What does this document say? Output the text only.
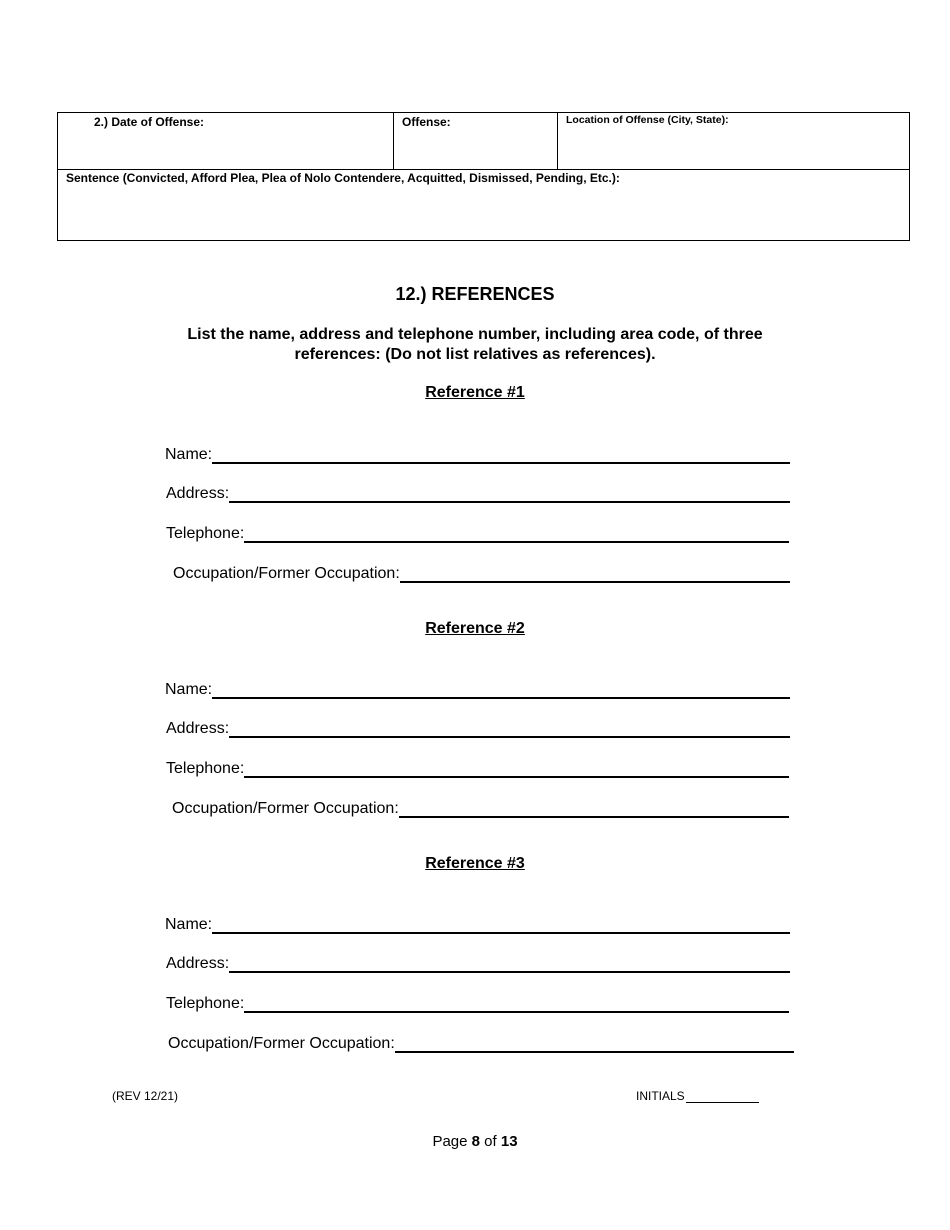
2.) Date of Offense:	Offense:	Location of Offense (City, State):
Sentence (Convicted, Afford Plea, Plea of Nolo Contendere, Acquitted, Dismissed, Pending, Etc.):
12.) REFERENCES
List the name, address and telephone number, including area code, of three references: (Do not list relatives as references).
Reference #1
Name:
Address:
Telephone:
Occupation/Former Occupation:
Reference #2
Name:
Address:
Telephone:
Occupation/Former Occupation:
Reference #3
Name:
Address:
Telephone:
Occupation/Former Occupation:
(REV 12/21)	INITIALS
Page 8 of 13
